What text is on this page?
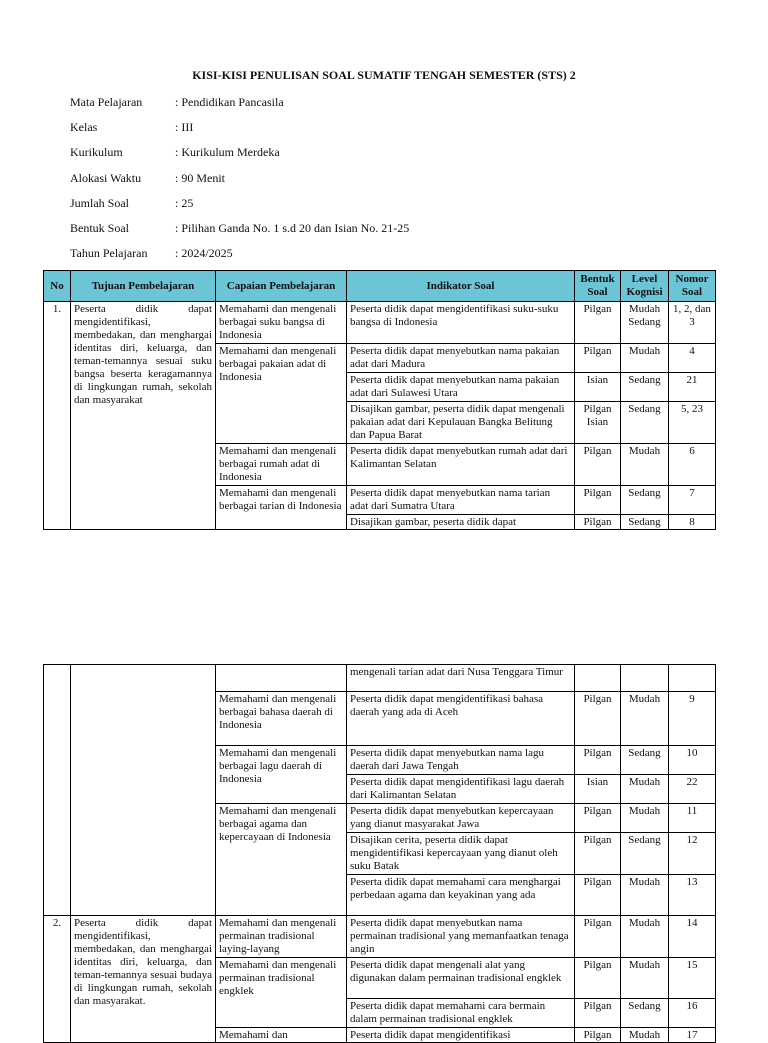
KISI-KISI PENULISAN SOAL SUMATIF TENGAH SEMESTER (STS) 2
Mata Pelajaran	: Pendidikan Pancasila
Kelas	: III
Kurikulum	: Kurikulum Merdeka
Alokasi Waktu	: 90 Menit
Jumlah Soal	: 25
Bentuk Soal	: Pilihan Ganda No. 1 s.d 20 dan Isian No. 21-25
Tahun Pelajaran	: 2024/2025
No	Tujuan Pembelajaran	Capaian Pembelajaran	Indikator Soal	Bentuk Soal	Level Kognisi	Nomor Soal
1.	Peserta didik dapat mengidentifikasi, membedakan, dan menghargai identitas diri, keluarga, dan teman-temannya sesuai suku bangsa beserta keragamannya di lingkungan rumah, sekolah dan masyarakat	Memahami dan mengenali berbagai suku bangsa di Indonesia	Peserta didik dapat mengidentifikasi suku-suku bangsa di Indonesia	Pilgan	Mudah Sedang	1, 2, dan 3
		Memahami dan mengenali berbagai pakaian adat di Indonesia	Peserta didik dapat menyebutkan nama pakaian adat dari Madura	Pilgan	Mudah	4
			Peserta didik dapat menyebutkan nama pakaian adat dari Sulawesi Utara	Isian	Sedang	21
			Disajikan gambar, peserta didik dapat mengenali pakaian adat dari Kepulauan Bangka Belitung dan Papua Barat	Pilgan Isian	Sedang	5, 23
		Memahami dan mengenali berbagai rumah adat di Indonesia	Peserta didik dapat menyebutkan rumah adat dari Kalimantan Selatan	Pilgan	Mudah	6

		Memahami dan mengenali berbagai tarian di Indonesia	Peserta didik dapat menyebutkan nama tarian adat dari Sumatra Utara	Pilgan	Sedang	7

			Disajikan gambar, peserta didik dapat	Pilgan	Sedang	8
			mengenali tarian adat dari Nusa Tenggara Timur			
		Memahami dan mengenali berbagai bahasa daerah di Indonesia	Peserta didik dapat mengidentifikasi bahasa daerah yang ada di Aceh	Pilgan	Mudah	9
		Memahami dan mengenali berbagai lagu daerah di Indonesia	Peserta didik dapat menyebutkan nama lagu daerah dari Jawa Tengah	Pilgan	Sedang	10
			Peserta didik dapat mengidentifikasi lagu daerah dari Kalimantan Selatan	Isian	Mudah	22
		Memahami dan mengenali berbagai agama dan kepercayaan di Indonesia	Peserta didik dapat menyebutkan kepercayaan yang dianut masyarakat Jawa	Pilgan	Mudah	11
			Disajikan cerita, peserta didik dapat mengidentifikasi kepercayaan yang dianut oleh suku Batak	Pilgan	Sedang	12
			Peserta didik dapat memahami cara menghargai perbedaan agama dan keyakinan yang ada	Pilgan	Mudah	13

2.	Peserta didik dapat mengidentifikasi, membedakan, dan menghargai identitas diri, keluarga, dan teman-temannya sesuai budaya di lingkungan rumah, sekolah dan masyarakat.	Memahami dan mengenali permainan tradisional laying-layang	Peserta didik dapat menyebutkan nama permainan tradisional yang memanfaatkan tenaga angin	Pilgan	Mudah	14
		Memahami dan mengenali permainan tradisional engklek	Peserta didik dapat mengenali alat yang digunakan dalam permainan tradisional engklek	Pilgan	Mudah	15
			Peserta didik dapat memahami cara bermain dalam permainan tradisional engklek	Pilgan	Sedang	16

		Memahami dan	Peserta didik dapat mengidentifikasi	Pilgan	Mudah	17
